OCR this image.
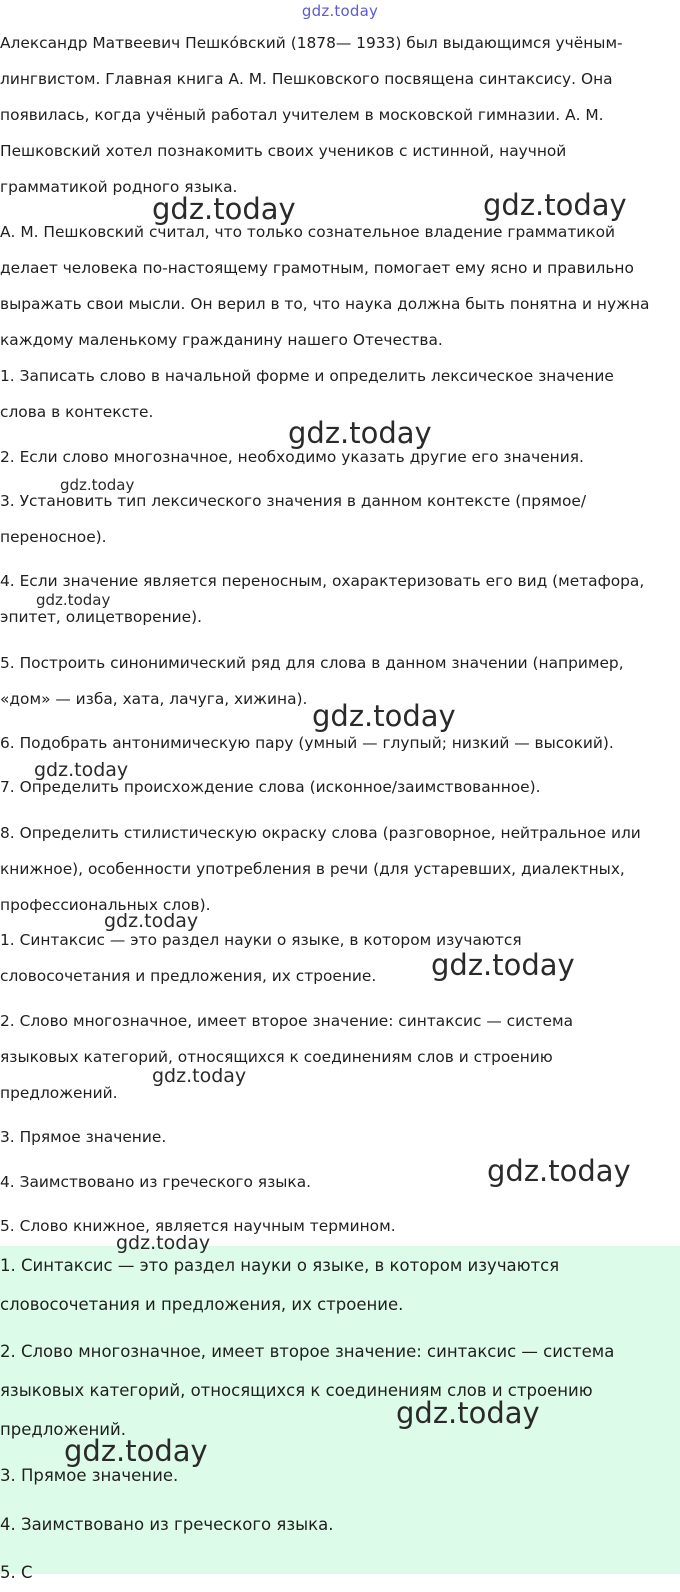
gdz.today

Александр Матвеевич Пешко́вский (1878— 1933) был выдающимся учёным-
лингвистом. Главная книга А. М. Пешковского посвящена синтаксису. Она
появилась, когда учёный работал учителем в московской гимназии. А. М.
Пешковский хотел познакомить своих учеников с истинной, научной
грамматикой родного языка.

А. М. Пешковский считал, что только сознательное владение грамматикой
делает человека по-настоящему грамотным, помогает ему ясно и правильно
выражать свои мысли. Он верил в то, что наука должна быть понятна и нужна
каждому маленькому гражданину нашего Отечества.

1. Записать слово в начальной форме и определить лексическое значение
слова в контексте.

2. Если слово многозначное, необходимо указать другие его значения.

3. Установить тип лексического значения в данном контексте (прямое/
переносное).

4. Если значение является переносным, охарактеризовать его вид (метафора,
эпитет, олицетворение).

5. Построить синонимический ряд для слова в данном значении (например,
«дом» — изба, хата, лачуга, хижина).

6. Подобрать антонимическую пару (умный — глупый; низкий — высокий).

7. Определить происхождение слова (исконное/заимствованное).

8. Определить стилистическую окраску слова (разговорное, нейтральное или
книжное), особенности употребления в речи (для устаревших, диалектных,
профессиональных слов).

1. Синтаксис — это раздел науки о языке, в котором изучаются
словосочетания и предложения, их строение.

2. Слово многозначное, имеет второе значение: синтаксис — система
языковых категорий, относящихся к соединениям слов и строению
предложений.

3. Прямое значение.

4. Заимствовано из греческого языка.

5. Слово книжное, является научным термином.

1. Синтаксис — это раздел науки о языке, в котором изучаются
словосочетания и предложения, их строение.

2. Слово многозначное, имеет второе значение: синтаксис — система
языковых категорий, относящихся к соединениям слов и строению
предложений.

3. Прямое значение.

4. Заимствовано из греческого языка.

5. С

gdz.today	gdz.today
gdz.today
gdz.today
gdz.today
gdz.today
gdz.today
gdz.today
gdz.today
gdz.today
gdz.today
gdz.today
gdz.today
gdz.today
